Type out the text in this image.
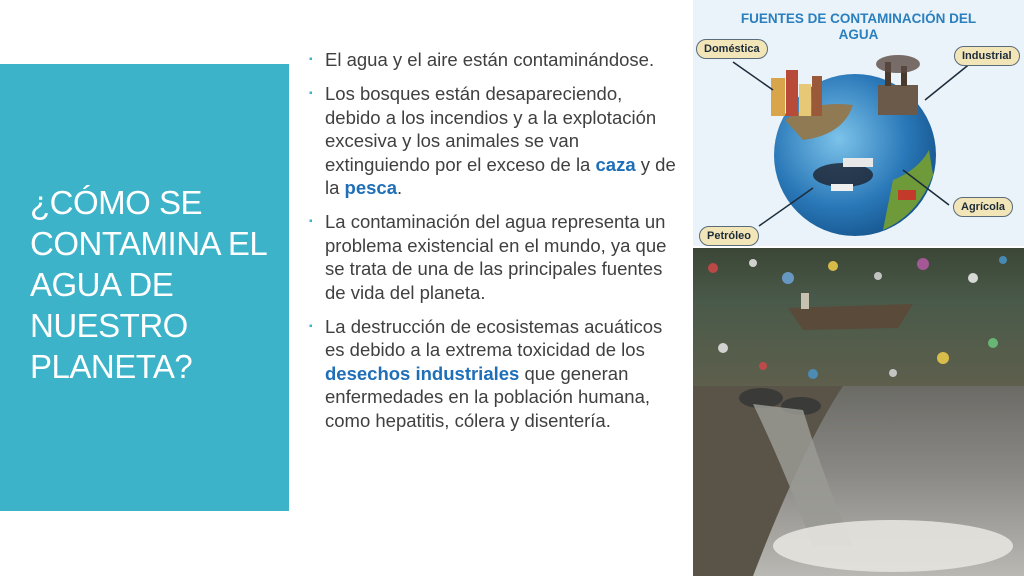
¿CÓMO SE CONTAMINA EL AGUA DE NUESTRO PLANETA?
▪ El agua y el aire están contaminándose.
▪ Los bosques están desapareciendo, debido a los incendios y a la explotación excesiva y los animales se van extinguiendo por el exceso de la caza y de la pesca.
▪ La contaminación del agua representa un problema existencial en el mundo, ya que se trata de una de las principales fuentes de vida del planeta.
▪ La destrucción de ecosistemas acuáticos es debido a la extrema toxicidad de los desechos industriales que generan enfermedades en la población humana, como hepatitis, cólera y disentería.
FUENTES DE CONTAMINACIÓN DEL
AGUA
Doméstica
Industrial
Agrícola
Petróleo
